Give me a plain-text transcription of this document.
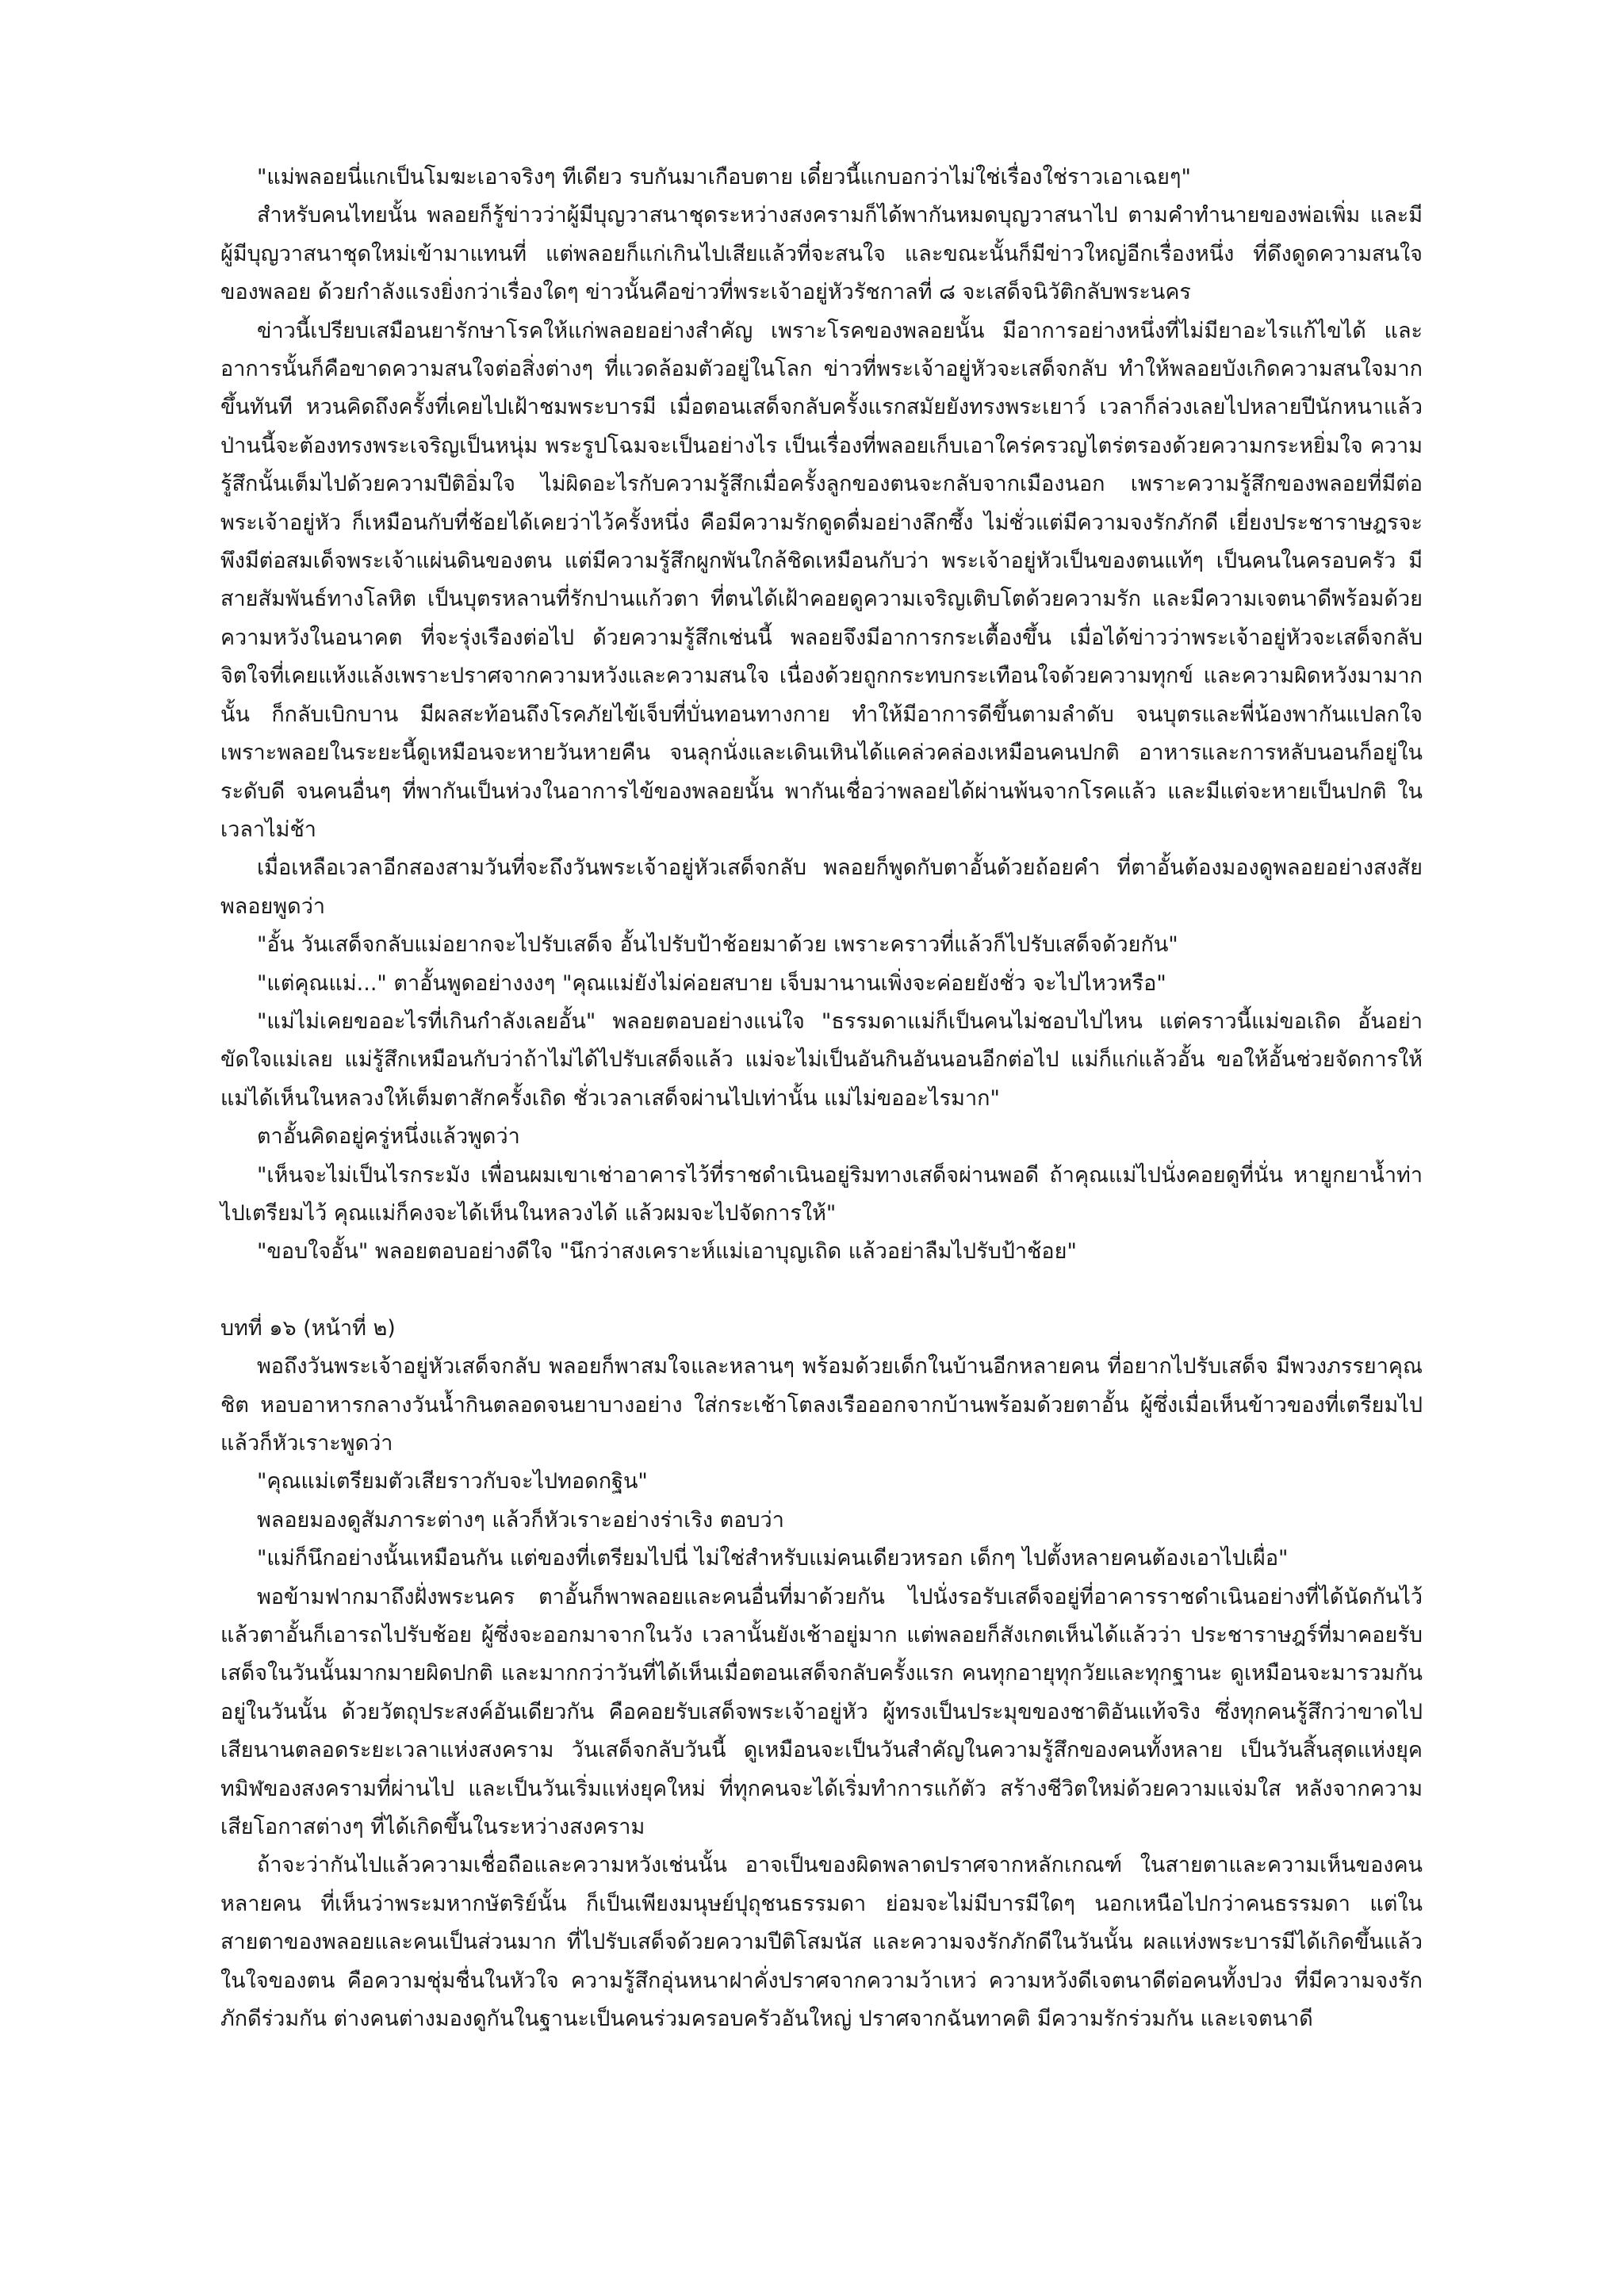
"แม่พลอยนี่แกเป็นโมฆะเอาจริงๆ ทีเดียว รบกันมาเกือบตาย เดี๋ยวนี้แกบอกว่าไม่ใช่เรื่องใช่ราวเอาเฉยๆ"

สำหรับคนไทยนั้น พลอยก็รู้ข่าวว่าผู้มีบุญวาสนาชุดระหว่างสงครามก็ได้พากันหมดบุญวาสนาไป ตามคำทำนายของพ่อเพิ่ม และมีผู้มีบุญวาสนาชุดใหม่เข้ามาแทนที่ แต่พลอยก็แก่เกินไปเสียแล้วที่จะสนใจ และขณะนั้นก็มีข่าวใหญ่อีกเรื่องหนึ่ง ที่ดึงดูดความสนใจของพลอย ด้วยกำลังแรงยิ่งกว่าเรื่องใดๆ ข่าวนั้นคือข่าวที่พระเจ้าอยู่หัวรัชกาลที่ ๘ จะเสด็จนิวัติกลับพระนคร

ข่าวนี้เปรียบเสมือนยารักษาโรคให้แก่พลอยอย่างสำคัญ เพราะโรคของพลอยนั้น มีอาการอย่างหนึ่งที่ไม่มียาอะไรแก้ไขได้ และอาการนั้นก็คือขาดความสนใจต่อสิ่งต่างๆ ที่แวดล้อมตัวอยู่ในโลก ข่าวที่พระเจ้าอยู่หัวจะเสด็จกลับ ทำให้พลอยบังเกิดความสนใจมากขึ้นทันที หวนคิดถึงครั้งที่เคยไปเฝ้าชมพระบารมี เมื่อตอนเสด็จกลับครั้งแรกสมัยยังทรงพระเยาว์ เวลาก็ล่วงเลยไปหลายปีนักหนาแล้ว ป่านนี้จะต้องทรงพระเจริญเป็นหนุ่ม พระรูปโฉมจะเป็นอย่างไร เป็นเรื่องที่พลอยเก็บเอาใคร่ครวญไตร่ตรองด้วยความกระหยิ่มใจ ความรู้สึกนั้นเต็มไปด้วยความปีติอิ่มใจ ไม่ผิดอะไรกับความรู้สึกเมื่อครั้งลูกของตนจะกลับจากเมืองนอก เพราะความรู้สึกของพลอยที่มีต่อพระเจ้าอยู่หัว ก็เหมือนกับที่ช้อยได้เคยว่าไว้ครั้งหนึ่ง คือมีความรักดูดดื่มอย่างลึกซึ้ง ไม่ชั่วแต่มีความจงรักภักดี เยี่ยงประชาราษฎรจะพึงมีต่อสมเด็จพระเจ้าแผ่นดินของตน แต่มีความรู้สึกผูกพันใกล้ชิดเหมือนกับว่า พระเจ้าอยู่หัวเป็นของตนแท้ๆ เป็นคนในครอบครัว มีสายสัมพันธ์ทางโลหิต เป็นบุตรหลานที่รักปานแก้วตา ที่ตนได้เฝ้าคอยดูความเจริญเติบโตด้วยความรัก และมีความเจตนาดีพร้อมด้วยความหวังในอนาคต ที่จะรุ่งเรืองต่อไป ด้วยความรู้สึกเช่นนี้ พลอยจึงมีอาการกระเตื้องขึ้น เมื่อได้ข่าวว่าพระเจ้าอยู่หัวจะเสด็จกลับ จิตใจที่เคยแห้งแล้งเพราะปราศจากความหวังและความสนใจ เนื่องด้วยถูกกระทบกระเทือนใจด้วยความทุกข์ และความผิดหวังมามากนั้น ก็กลับเบิกบาน มีผลสะท้อนถึงโรคภัยไข้เจ็บที่บั่นทอนทางกาย ทำให้มีอาการดีขึ้นตามลำดับ จนบุตรและพี่น้องพากันแปลกใจ เพราะพลอยในระยะนี้ดูเหมือนจะหายวันหายคืน จนลุกนั่งและเดินเหินได้แคล่วคล่องเหมือนคนปกติ อาหารและการหลับนอนก็อยู่ในระดับดี จนคนอื่นๆ ที่พากันเป็นห่วงในอาการไข้ของพลอยนั้น พากันเชื่อว่าพลอยได้ผ่านพ้นจากโรคแล้ว และมีแต่จะหายเป็นปกติ ในเวลาไม่ช้า

เมื่อเหลือเวลาอีกสองสามวันที่จะถึงวันพระเจ้าอยู่หัวเสด็จกลับ พลอยก็พูดกับตาอั้นด้วยถ้อยคำ ที่ตาอั้นต้องมองดูพลอยอย่างสงสัย พลอยพูดว่า

"อั้น วันเสด็จกลับแม่อยากจะไปรับเสด็จ อั้นไปรับป้าช้อยมาด้วย เพราะคราวที่แล้วก็ไปรับเสด็จด้วยกัน"

"แต่คุณแม่..." ตาอั้นพูดอย่างงงๆ "คุณแม่ยังไม่ค่อยสบาย เจ็บมานานเพิ่งจะค่อยยังชั่ว จะไปไหวหรือ"

"แม่ไม่เคยขออะไรที่เกินกำลังเลยอั้น" พลอยตอบอย่างแน่ใจ "ธรรมดาแม่ก็เป็นคนไม่ชอบไปไหน แต่คราวนี้แม่ขอเถิด อั้นอย่าขัดใจแม่เลย แม่รู้สึกเหมือนกับว่าถ้าไม่ได้ไปรับเสด็จแล้ว แม่จะไม่เป็นอันกินอันนอนอีกต่อไป แม่ก็แก่แล้วอั้น ขอให้อั้นช่วยจัดการให้แม่ได้เห็นในหลวงให้เต็มตาสักครั้งเถิด ชั่วเวลาเสด็จผ่านไปเท่านั้น แม่ไม่ขออะไรมาก"

ตาอั้นคิดอยู่ครู่หนึ่งแล้วพูดว่า

"เห็นจะไม่เป็นไรกระมัง เพื่อนผมเขาเช่าอาคารไว้ที่ราชดำเนินอยู่ริมทางเสด็จผ่านพอดี ถ้าคุณแม่ไปนั่งคอยดูที่นั่น หายูกยาน้ำท่าไปเตรียมไว้ คุณแม่ก็คงจะได้เห็นในหลวงได้ แล้วผมจะไปจัดการให้"

"ขอบใจอั้น" พลอยตอบอย่างดีใจ "นึกว่าสงเคราะห์แม่เอาบุญเถิด แล้วอย่าลืมไปรับป้าช้อย"

บทที่ ๑๖ (หน้าที่ ๒)

พอถึงวันพระเจ้าอยู่หัวเสด็จกลับ พลอยก็พาสมใจและหลานๆ พร้อมด้วยเด็กในบ้านอีกหลายคน ที่อยากไปรับเสด็จ มีพวงภรรยาคุณชิต หอบอาหารกลางวันน้ำกินตลอดจนยาบางอย่าง ใส่กระเช้าโตลงเรือออกจากบ้านพร้อมด้วยตาอั้น ผู้ซึ่งเมื่อเห็นข้าวของที่เตรียมไปแล้วก็หัวเราะพูดว่า

"คุณแม่เตรียมตัวเสียราวกับจะไปทอดกฐิน"

พลอยมองดูสัมภาระต่างๆ แล้วก็หัวเราะอย่างร่าเริง ตอบว่า

"แม่ก็นึกอย่างนั้นเหมือนกัน แต่ของที่เตรียมไปนี่ ไม่ใช่สำหรับแม่คนเดียวหรอก เด็กๆ ไปตั้งหลายคนต้องเอาไปเผื่อ"

พอข้ามฟากมาถึงฝั่งพระนคร ตาอั้นก็พาพลอยและคนอื่นที่มาด้วยกัน ไปนั่งรอรับเสด็จอยู่ที่อาคารราชดำเนินอย่างที่ได้นัดกันไว้ แล้วตาอั้นก็เอารถไปรับช้อย ผู้ซึ่งจะออกมาจากในวัง เวลานั้นยังเช้าอยู่มาก แต่พลอยก็สังเกตเห็นได้แล้วว่า ประชาราษฎร์ที่มาคอยรับเสด็จในวันนั้นมากมายผิดปกติ และมากกว่าวันที่ได้เห็นเมื่อตอนเสด็จกลับครั้งแรก คนทุกอายุทุกวัยและทุกฐานะ ดูเหมือนจะมารวมกันอยู่ในวันนั้น ด้วยวัตถุประสงค์อันเดียวกัน คือคอยรับเสด็จพระเจ้าอยู่หัว ผู้ทรงเป็นประมุขของชาติอันแท้จริง ซึ่งทุกคนรู้สึกว่าขาดไปเสียนานตลอดระยะเวลาแห่งสงคราม วันเสด็จกลับวันนี้ ดูเหมือนจะเป็นวันสำคัญในความรู้สึกของคนทั้งหลาย เป็นวันสิ้นสุดแห่งยุคทมิฬของสงครามที่ผ่านไป และเป็นวันเริ่มแห่งยุคใหม่ ที่ทุกคนจะได้เริ่มทำการแก้ตัว สร้างชีวิตใหม่ด้วยความแจ่มใส หลังจากความเสียโอกาสต่างๆ ที่ได้เกิดขึ้นในระหว่างสงคราม

ถ้าจะว่ากันไปแล้วความเชื่อถือและความหวังเช่นนั้น อาจเป็นของผิดพลาดปราศจากหลักเกณฑ์ ในสายตาและความเห็นของคนหลายคน ที่เห็นว่าพระมหากษัตริย์นั้น ก็เป็นเพียงมนุษย์ปุถุชนธรรมดา ย่อมจะไม่มีบารมีใดๆ นอกเหนือไปกว่าคนธรรมดา แต่ในสายตาของพลอยและคนเป็นส่วนมาก ที่ไปรับเสด็จด้วยความปีติโสมนัส และความจงรักภักดีในวันนั้น ผลแห่งพระบารมีได้เกิดขึ้นแล้วในใจของตน คือความชุ่มชื่นในหัวใจ ความรู้สึกอุ่นหนาฝาคั่งปราศจากความว้าเหว่ ความหวังดีเจตนาดีต่อคนทั้งปวง ที่มีความจงรักภักดีร่วมกัน ต่างคนต่างมองดูกันในฐานะเป็นคนร่วมครอบครัวอันใหญ่ ปราศจากฉันทาคติ มีความรักร่วมกัน และเจตนาดี
